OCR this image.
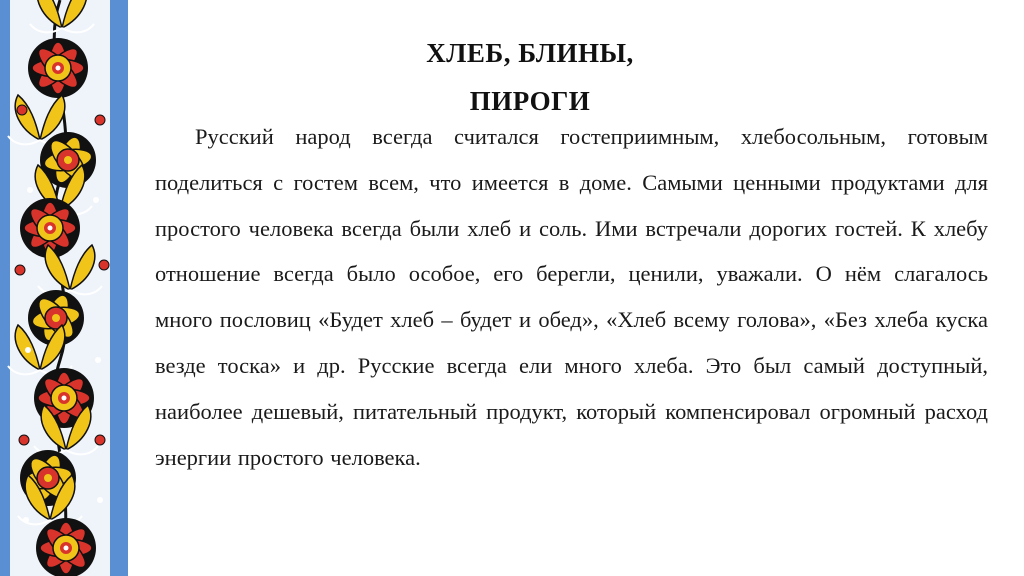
ХЛЕБ, БЛИНЫ,
ПИРОГИ
Русский народ всегда считался гостеприимным, хлебосольным, готовым поделиться с гостем всем, что имеется в доме. Самыми ценными продуктами для простого человека всегда были хлеб и соль. Ими встречали дорогих гостей. К хлебу отношение всегда было особое, его берегли, ценили, уважали. О нём слагалось много пословиц «Будет хлеб – будет и обед», «Хлеб всему голова», «Без хлеба куска везде тоска» и др. Русские всегда ели много хлеба. Это был самый доступный, наиболее дешевый, питательный продукт, который компенсировал огромный расход энергии простого человека.
